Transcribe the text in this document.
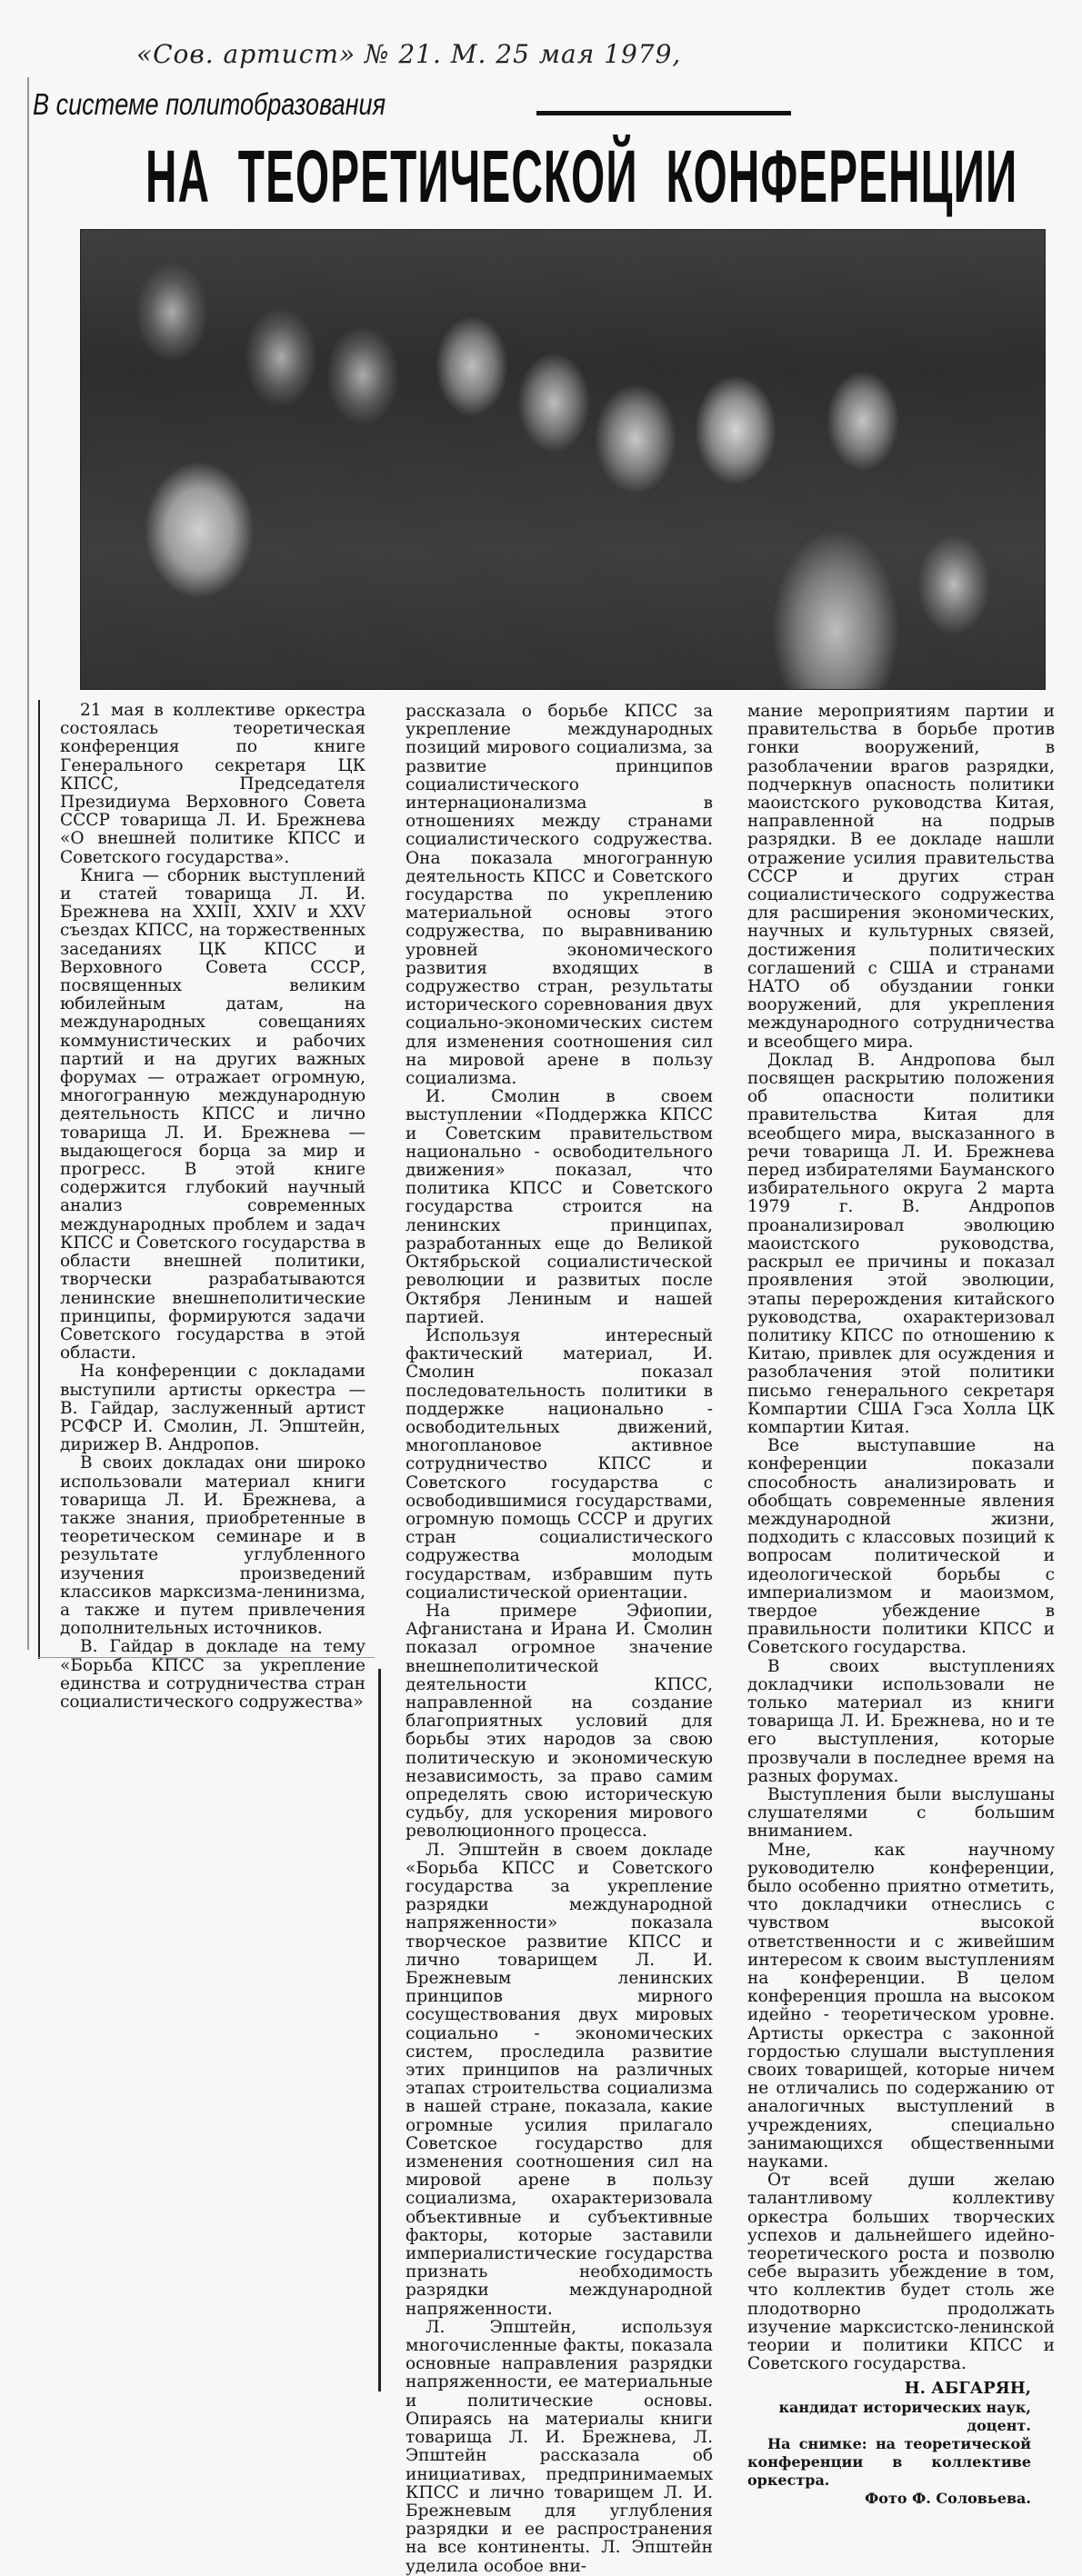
«Сов. артист» № 21. М. 25 мая 1979,
В системе политобразования
НА ТЕОРЕТИЧЕСКОЙ КОНФЕРЕНЦИИ

21 мая в коллективе оркестра состоялась теоретическая конференция по книге Генерального секретаря ЦК КПСС, Председателя Президиума Верховного Совета СССР товарища Л. И. Брежнева «О внешней политике КПСС и Советского государства».

Книга — сборник выступлений и статей товарища Л. И. Брежнева на XXIII, XXIV и XXV съездах КПСС, на торжественных заседаниях ЦК КПСС и Верховного Совета СССР, посвященных великим юбилейным датам, на международных совещаниях коммунистических и рабочих партий и на других важных форумах — отражает огромную, многогранную международную деятельность КПСС и лично товарища Л. И. Брежнева — выдающегося борца за мир и прогресс. В этой книге содержится глубокий научный анализ современных международных проблем и задач КПСС и Советского государства в области внешней политики, творчески разрабатываются ленинские внешнеполитические принципы, формируются задачи Советского государства в этой области.

На конференции с докладами выступили артисты оркестра — В. Гайдар, заслуженный артист РСФСР И. Смолин, Л. Эпштейн, дирижер В. Андропов.

В своих докладах они широко использовали материал книги товарища Л. И. Брежнева, а также знания, приобретенные в теоретическом семинаре и в результате углубленного изучения произведений классиков марксизма-ленинизма, а также и путем привлечения дополнительных источников.

В. Гайдар в докладе на тему «Борьба КПСС за укрепление единства и сотрудничества стран социалистического содружества»

рассказала о борьбе КПСС за укрепление международных позиций мирового социализма, за развитие принципов социалистического интернационализма в отношениях между странами социалистического содружества. Она показала многогранную деятельность КПСС и Советского государства по укреплению материальной основы этого содружества, по выравниванию уровней экономического развития входящих в содружество стран, результаты исторического соревнования двух социально-экономических систем для изменения соотношения сил на мировой арене в пользу социализма.

И. Смолин в своем выступлении «Поддержка КПСС и Советским правительством национально - освободительного движения» показал, что политика КПСС и Советского государства строится на ленинских принципах, разработанных еще до Великой Октябрьской социалистической революции и развитых после Октября Лениным и нашей партией.

Используя интересный фактический материал, И. Смолин показал последовательность политики в поддержке национально - освободительных движений, многоплановое активное сотрудничество КПСС и Советского государства с освободившимися государствами, огромную помощь СССР и других стран социалистического содружества молодым государствам, избравшим путь социалистической ориентации.

На примере Эфиопии, Афганистана и Ирана И. Смолин показал огромное значение внешнеполитической деятельности КПСС, направленной на создание благоприятных условий для борьбы этих народов за свою политическую и экономическую независимость, за право самим определять свою историческую судьбу, для ускорения мирового революционного процесса.

Л. Эпштейн в своем докладе «Борьба КПСС и Советского государства за укрепление разрядки международной напряженности» показала творческое развитие КПСС и лично товарищем Л. И. Брежневым ленинских принципов мирного сосуществования двух мировых социально - экономических систем, проследила развитие этих принципов на различных этапах строительства социализма в нашей стране, показала, какие огромные усилия прилагало Советское государство для изменения соотношения сил на мировой арене в пользу социализма, охарактеризовала объективные и субъективные факторы, которые заставили империалистические государства признать необходимость разрядки международной напряженности.

Л. Эпштейн, используя многочисленные факты, показала основные направления разрядки напряженности, ее материальные и политические основы. Опираясь на материалы книги товарища Л. И. Брежнева, Л. Эпштейн рассказала об инициативах, предпринимаемых КПСС и лично товарищем Л. И. Брежневым для углубления разрядки и ее распространения на все континенты. Л. Эпштейн уделила особое вни-

мание мероприятиям партии и правительства в борьбе против гонки вооружений, в разоблачении врагов разрядки, подчеркнув опасность политики маоистского руководства Китая, направленной на подрыв разрядки. В ее докладе нашли отражение усилия правительства СССР и других стран социалистического содружества для расширения экономических, научных и культурных связей, достижения политических соглашений с США и странами НАТО об обуздании гонки вооружений, для укрепления международного сотрудничества и всеобщего мира.

Доклад В. Андропова был посвящен раскрытию положения об опасности политики правительства Китая для всеобщего мира, высказанного в речи товарища Л. И. Брежнева перед избирателями Бауманского избирательного округа 2 марта 1979 г. В. Андропов проанализировал эволюцию маоистского руководства, раскрыл ее причины и показал проявления этой эволюции, этапы перерождения китайского руководства, охарактеризовал политику КПСС по отношению к Китаю, привлек для осуждения и разоблачения этой политики письмо генерального секретаря Компартии США Гэса Холла ЦК компартии Китая.

Все выступавшие на конференции показали способность анализировать и обобщать современные явления международной жизни, подходить с классовых позиций к вопросам политической и идеологической борьбы с империализмом и маоизмом, твердое убеждение в правильности политики КПСС и Советского государства.

В своих выступлениях докладчики использовали не только материал из книги товарища Л. И. Брежнева, но и те его выступления, которые прозвучали в последнее время на разных форумах.

Выступления были выслушаны слушателями с большим вниманием.

Мне, как научному руководителю конференции, было особенно приятно отметить, что докладчики отнеслись с чувством высокой ответственности и с живейшим интересом к своим выступлениям на конференции. В целом конференция прошла на высоком идейно - теоретическом уровне. Артисты оркестра с законной гордостью слушали выступления своих товарищей, которые ничем не отличались по содержанию от аналогичных выступлений в учреждениях, специально занимающихся общественными науками.

От всей души желаю талантливому коллективу оркестра больших творческих успехов и дальнейшего идейно-теоретического роста и позволю себе выразить убеждение в том, что коллектив будет столь же плодотворно продолжать изучение марксистско-ленинской теории и политики КПСС и Советского государства.

Н. АБГАРЯН,
кандидат исторических наук,
доцент.
На снимке: на теоретической конференции в коллективе оркестра.
Фото Ф. Соловьева.
